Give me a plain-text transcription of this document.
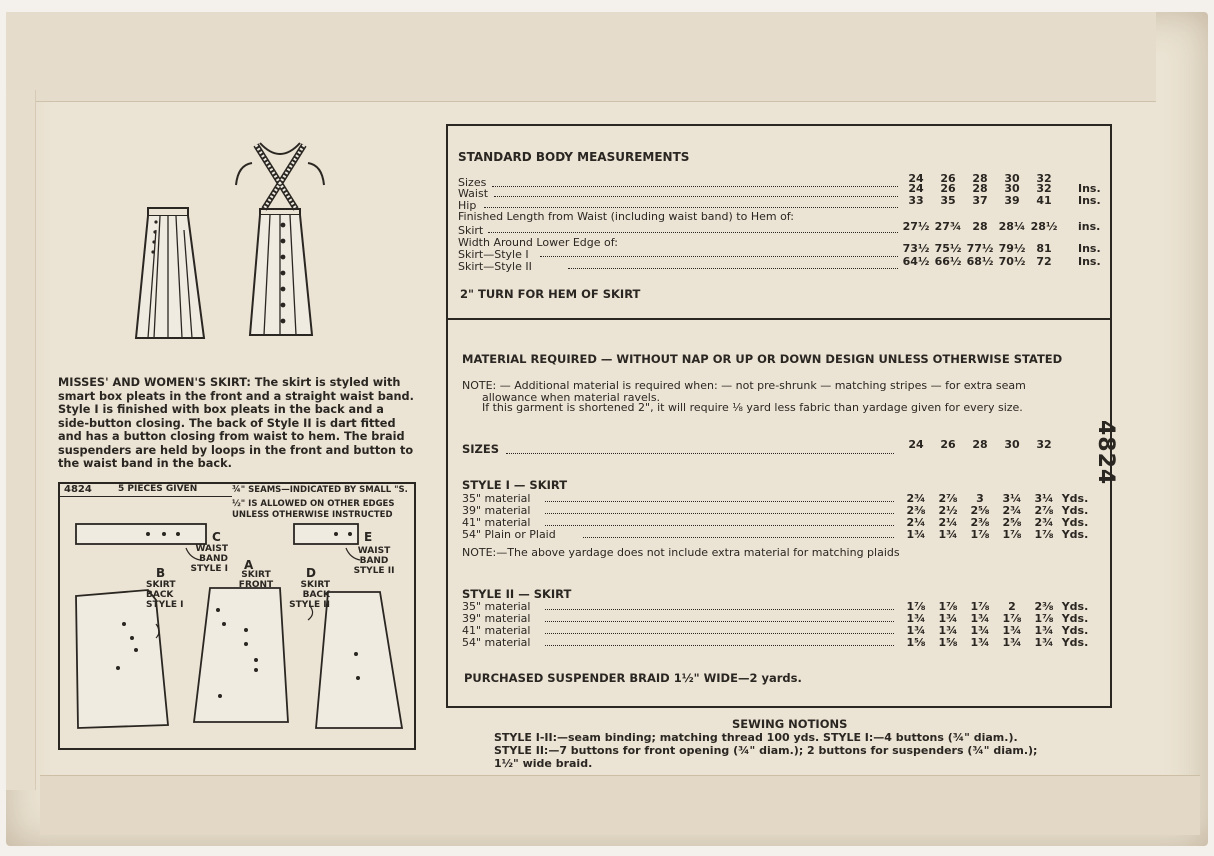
MISSES' AND WOMEN'S SKIRT: The skirt is styled with smart box pleats in the front and a straight waist band. Style I is finished with box pleats in the back and a side-button closing. The back of Style II is dart fitted and has a button closing from waist to hem. The braid suspenders are held by loops in the front and button to the waist band in the back.
4824	5 PIECES GIVEN	¾" SEAMS—INDICATED BY SMALL "S.
½" IS ALLOWED ON OTHER EDGES
UNLESS OTHERWISE INSTRUCTED
C
WAIST BAND STYLE I
E
WAIST BAND STYLE II
B
SKIRT BACK STYLE I
A
SKIRT FRONT
D
SKIRT BACK STYLE II
STANDARD BODY MEASUREMENTS
Sizes	24	26	28	30	32
Waist	24	26	28	30	32	Ins.
Hip	33	35	37	39	41	Ins.
Finished Length from Waist (including waist band) to Hem of:
Skirt	27½ 27¾	28 28¼ 28½ ins.
Width Around Lower Edge of:
Skirt—Style I	73½ 75½ 77½ 79½	81	Ins.
Skirt—Style II	64½ 66½ 68½ 70½	72	Ins.
2" TURN FOR HEM OF SKIRT
MATERIAL REQUIRED — WITHOUT NAP OR UP OR DOWN DESIGN UNLESS OTHERWISE STATED
NOTE: — Additional material is required when: — not pre-shrunk — matching stripes — for extra seam
allowance when material ravels.
If this garment is shortened 2", it will require ⅛ yard less fabric than yardage given for every size.
SIZES	24	26	28	30	32
STYLE I — SKIRT
35" material	2¾	2⅞	3	3¼	3¼ Yds.
39" material	2⅜	2½	2⅝	2¾	2⅞ Yds.
41" material	2¼	2¼	2⅜	2⅝	2¾ Yds.
54" Plain or Plaid	1¾	1¾	1⅞	1⅞	1⅞ Yds.
NOTE:—The above yardage does not include extra material for matching plaids
STYLE II — SKIRT
35" material	1⅞	1⅞	1⅞	2	2⅜ Yds.
39" material	1¾	1¾	1¾	1⅞	1⅞ Yds.
41" material	1¾	1¾	1¾	1¾	1¾ Yds.
54" material	1⅝	1⅝	1¾	1¾	1¾ Yds.
PURCHASED SUSPENDER BRAID 1½" WIDE—2 yards.
SEWING NOTIONS
STYLE I-II:—seam binding; matching thread 100 yds. STYLE I:—4 buttons (¾" diam.).
STYLE II:—7 buttons for front opening (¾" diam.); 2 buttons for suspenders (¾" diam.);
1½" wide braid.
4824
